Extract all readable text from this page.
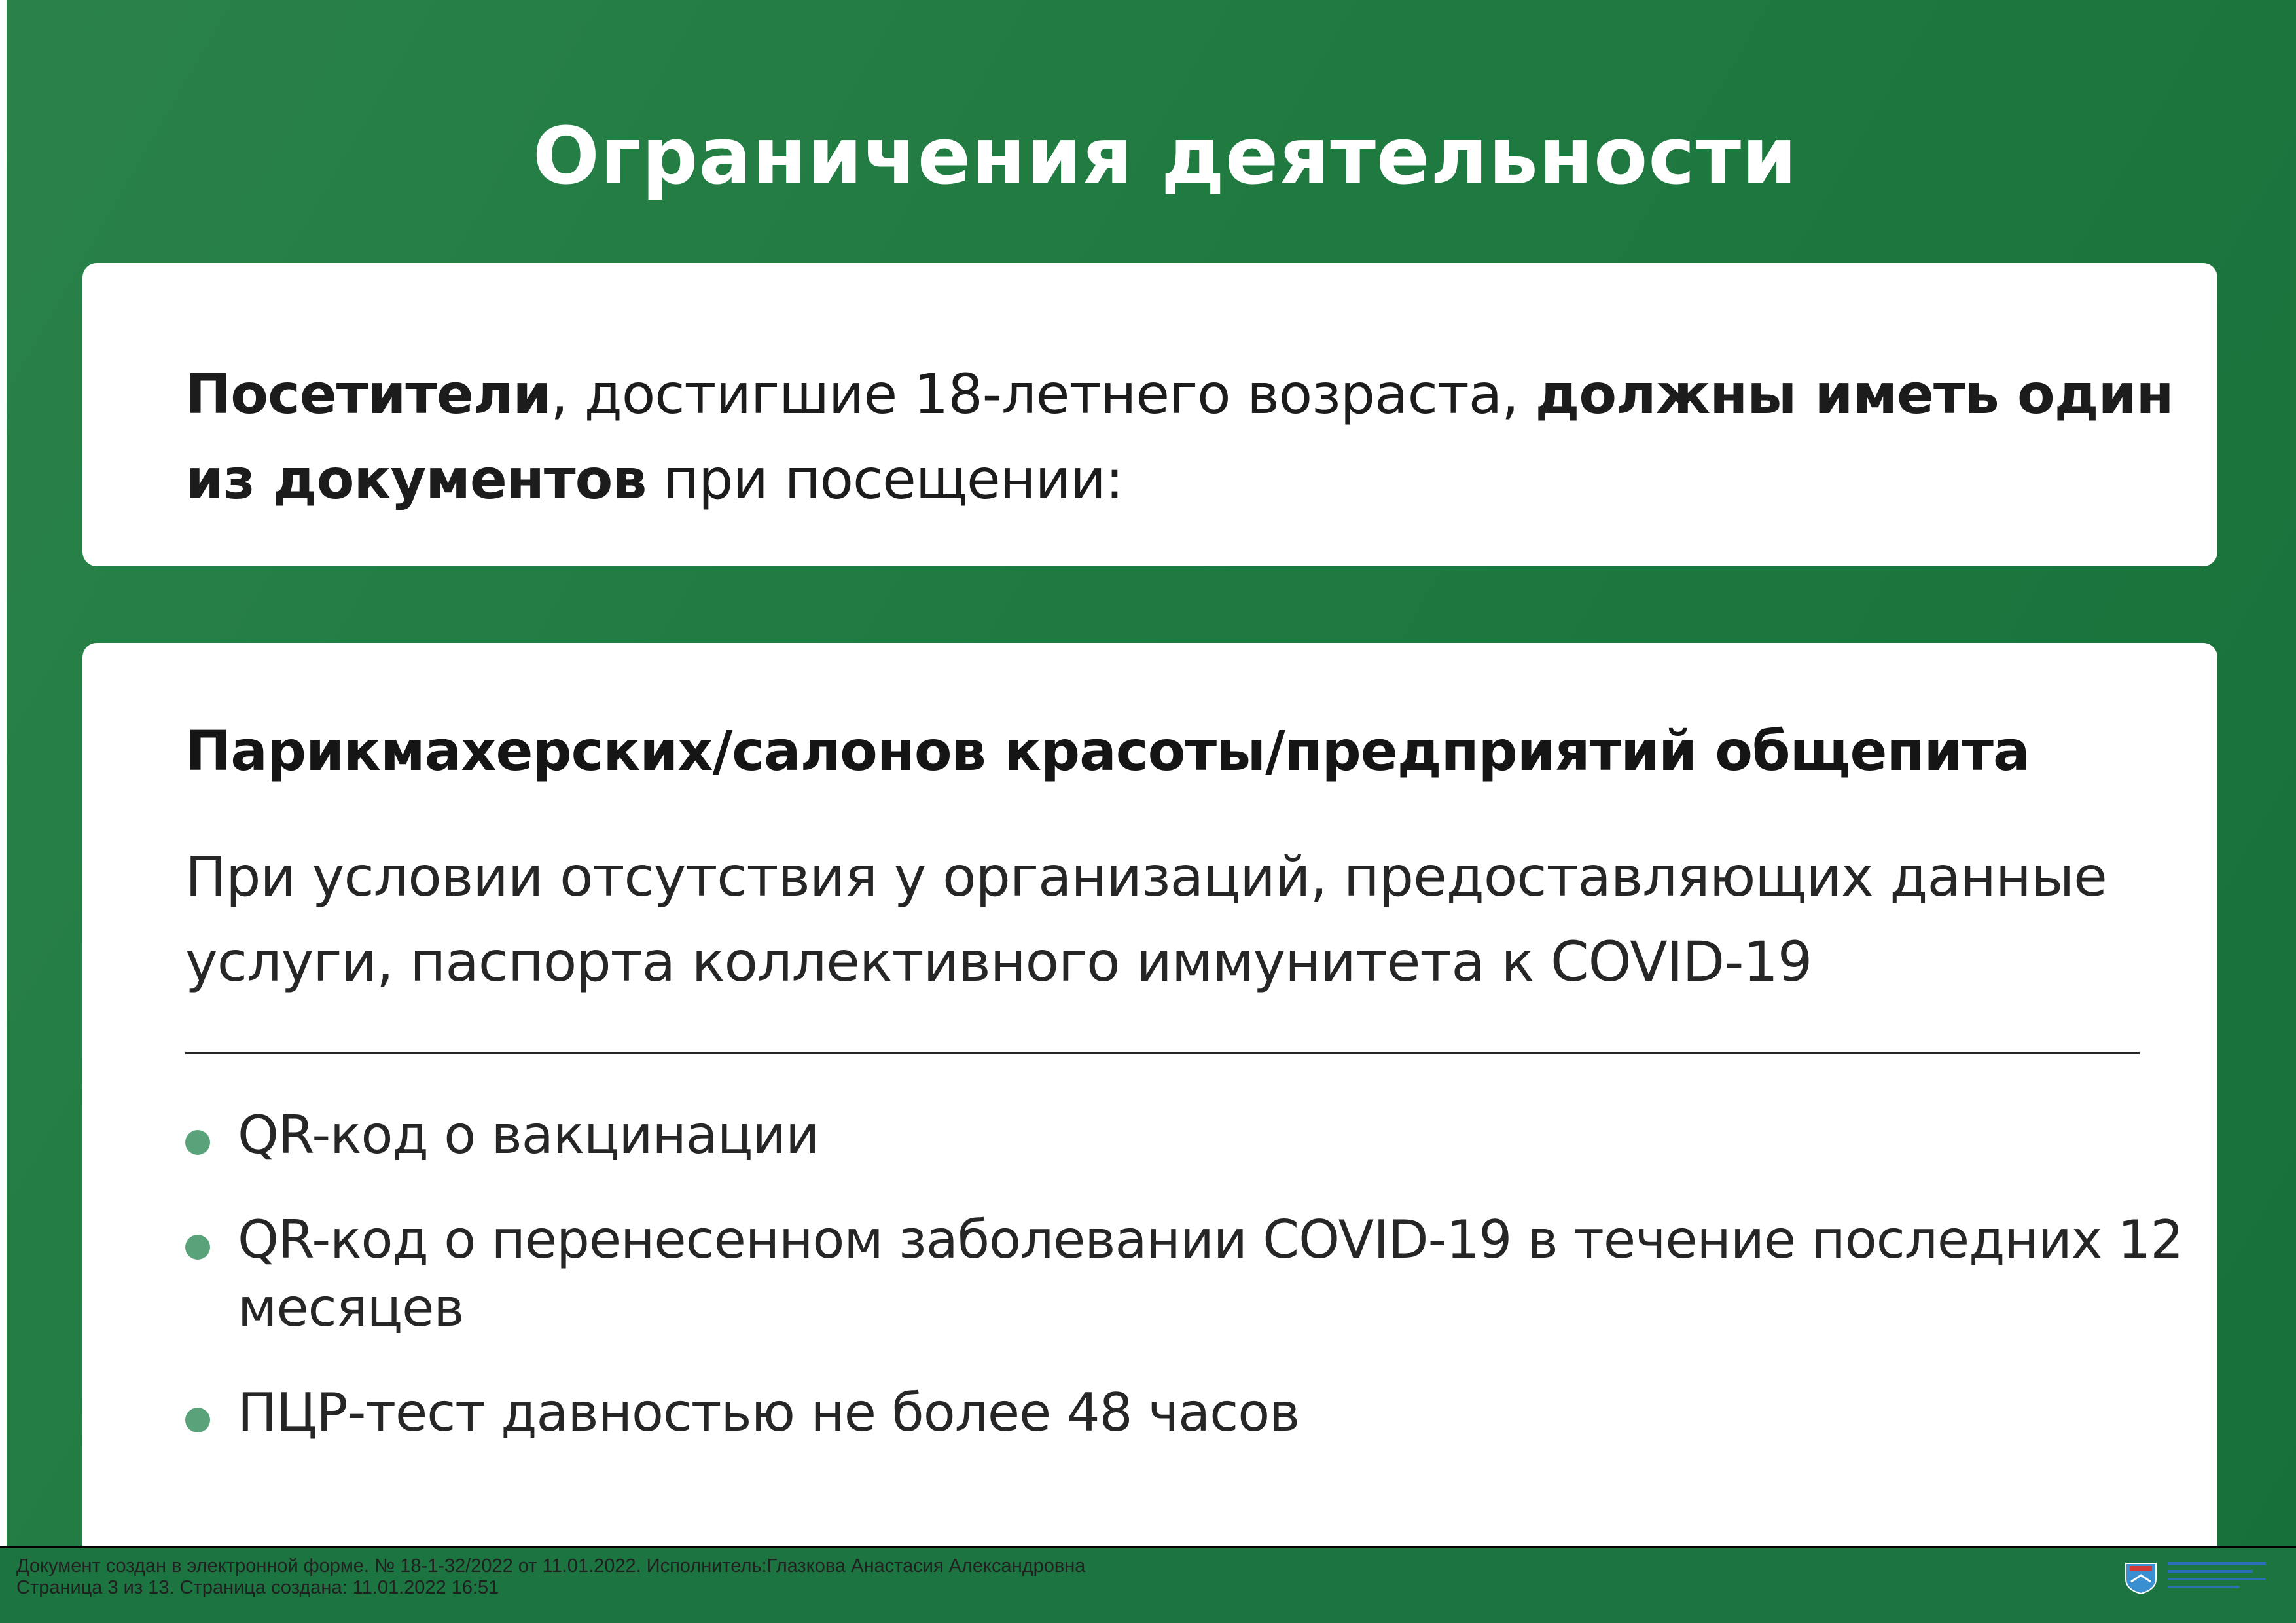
Ограничения деятельности
Посетители, достигшие 18-летнего возраста, должны иметь один из документов при посещении:
Парикмахерских/салонов красоты/предприятий общепита
При условии отсутствия у организаций, предоставляющих данные услуги, паспорта коллективного иммунитета к COVID-19
QR-код о вакцинации
QR-код о перенесенном заболевании COVID-19 в течение последних 12 месяцев
ПЦР-тест давностью не более 48 часов
Документ создан в электронной форме. № 18-1-32/2022 от 11.01.2022. Исполнитель:Глазкова Анастасия Александровна
Страница 3 из 13. Страница создана: 11.01.2022 16:51
